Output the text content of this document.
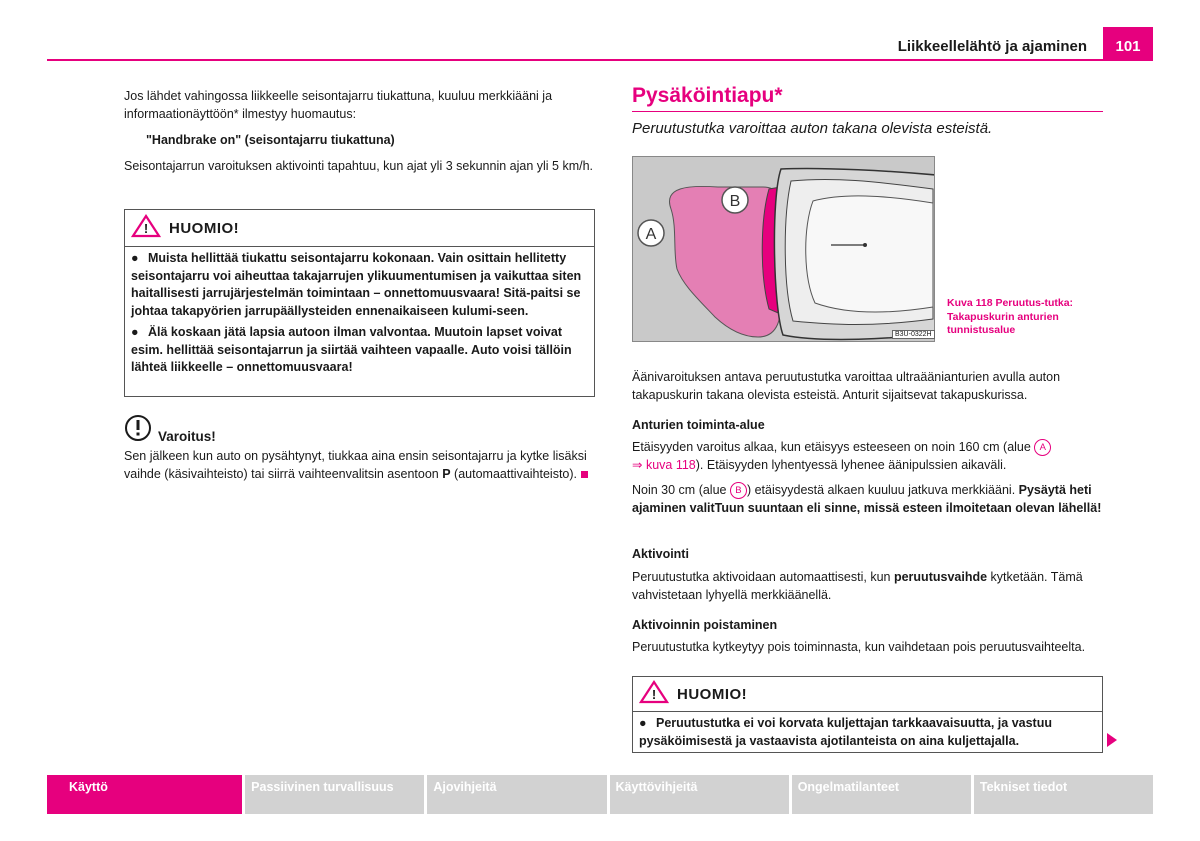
Liikkeellelähtö ja ajaminen 101

Jos lähdet vahingossa liikkeelle seisontajarru tiukattuna, kuuluu merkkiääni ja informaationäyttöön* ilmestyy huomautus:

"Handbrake on" (seisontajarru tiukattuna)

Seisontajarrun varoituksen aktivointi tapahtuu, kun ajat yli 3 sekunnin ajan yli 5 km/h.

! HUOMIO!
● Muista hellittää tiukattu seisontajarru kokonaan. Vain osittain hellitetty seisontajarru voi aiheuttaa takajarrujen ylikuumentumisen ja vaikuttaa siten haitallisesti jarrujärjestelmän toimintaan – onnettomuusvaara! Sitä-paitsi se johtaa takapyörien jarrupäällysteiden ennenaikaiseen kulumi-seen.
● Älä koskaan jätä lapsia autoon ilman valvontaa. Muutoin lapset voivat esim. hellittää seisontajarrun ja siirtää vaihteen vapaalle. Auto voisi tällöin lähteä liikkeelle – onnettomuusvaara!
Varoitus!

Sen jälkeen kun auto on pysähtynyt, tiukkaa aina ensin seisontajarru ja kytke lisäksi vaihde (käsivaihteisto) tai siirrä vaihteenvalitsin asentoon P (automaattivaihteisto).

Pysäköintiapu*
Peruutustutka varoittaa auton takana olevista esteistä.
A
B
B3U-0322H
Kuva 118 Peruutus-tutka: Takapuskurin anturien tunnistusalue

Äänivaroituksen antava peruutustutka varoittaa ultraäänianturien avulla auton takapuskurin takana olevista esteistä. Anturit sijaitsevat takapuskurissa.

Anturien toiminta-alue

Etäisyyden varoitus alkaa, kun etäisyys esteeseen on noin 160 cm (alue A
⇒ kuva 118). Etäisyyden lyhentyessä lyhenee äänipulssien aikaväli.

Noin 30 cm (alue B ) etäisyydestä alkaen kuuluu jatkuva merkkiääni. Pysäytä heti ajaminen valitTuun suuntaan eli sinne, missä esteen ilmoitetaan olevan lähellä!

Aktivointi

Peruutustutka aktivoidaan automaattisesti, kun peruutusvaihde kytketään. Tämä vahvistetaan lyhyellä merkkiäänellä.

Aktivoinnin poistaminen

Peruutustutka kytkeytyy pois toiminnasta, kun vaihdetaan pois peruutusvaihteelta.

! HUOMIO!
● Peruutustutka ei voi korvata kuljettajan tarkkaavaisuutta, ja vastuu pysäköimisestä ja vastaavista ajotilanteista on aina kuljettajalla.
Käyttö	Passiivinen turvallisuus	Ajovihjeitä	Käyttövihjeitä	Ongelmatilanteet	Tekniset tiedot
